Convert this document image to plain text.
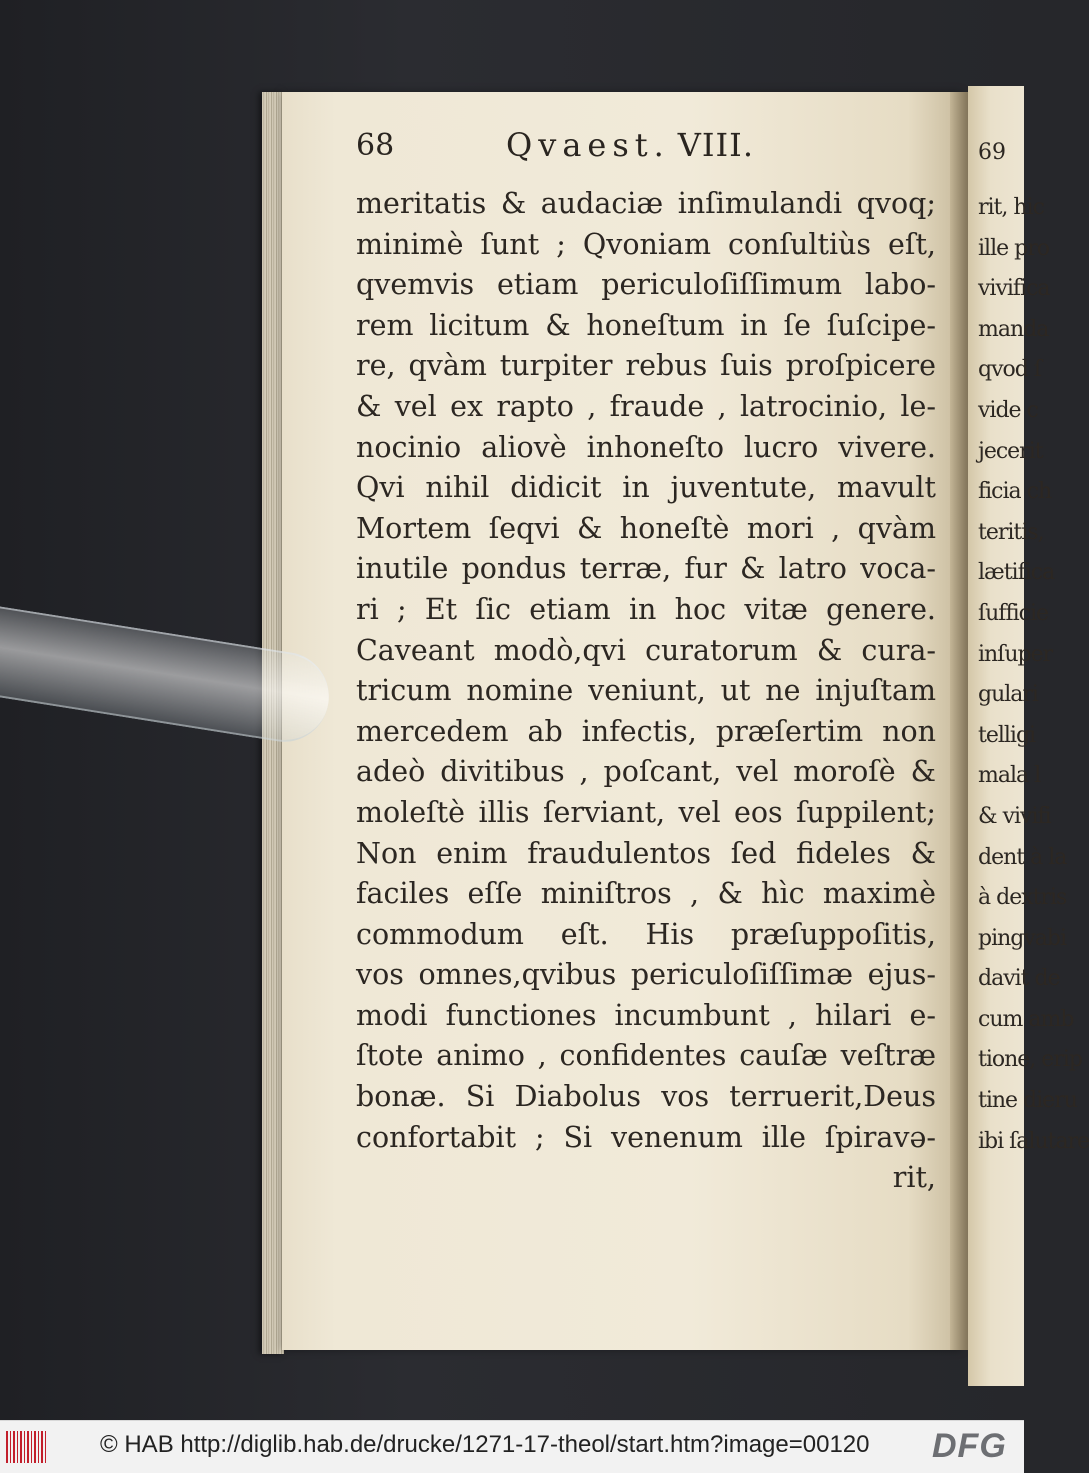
68	Qvaest. VIII.
meritatis & audaciæ inſimulandi qvoq;
minimè ſunt ; Qvoniam conſultiùs eſt,
qvemvis etiam periculoſiſſimum labo-
rem licitum & honeſtum in ſe ſuſcipe-
re, qvàm turpiter rebus ſuis proſpicere
& vel ex rapto , fraude , latrocinio, le-
nocinio aliovè inhoneſto lucro vivere.
Qvi nihil didicit in juventute, mavult
Mortem ſeqvi & honeſtè mori , qvàm
inutile pondus terræ, fur & latro voca-
ri ; Et ſic etiam in hoc vitæ genere.
Caveant modò,qvi curatorum & cura-
tricum nomine veniunt, ut ne injuſtam
mercedem ab infectis, præſertim non
adeò divitibus , poſcant, vel moroſè &
moleſtè illis ſerviant, vel eos ſuppilent;
Non enim fraudulentos ſed fideles &
faciles eſſe miniſtros , & hìc maximè
commodum eſt. His præſuppoſitis,
vos omnes,qvibus periculoſiſſimæ ejus-
modi functiones incumbunt , hilari e-
ſtote animo , confidentes cauſæ veſtræ
bonæ. Si Diabolus vos terruerit,Deus
confortabit ; Si venenum ille ſpiravə-
rit,
69
rit, hic
ille pro
vivifica
manda
qvod ſ
vide c
jecerit
ficia ch
teritis,
lætifica
ſufficie
inſuper
gulari
telligi
mala l
& vivifi
dent à la
à dextris
pingvabi
davit de
cum amb
tione, erip
tine dieru
ibi ſalutare
© HAB http://diglib.hab.de/drucke/1271-17-theol/start.htm?image=00120 DFG
